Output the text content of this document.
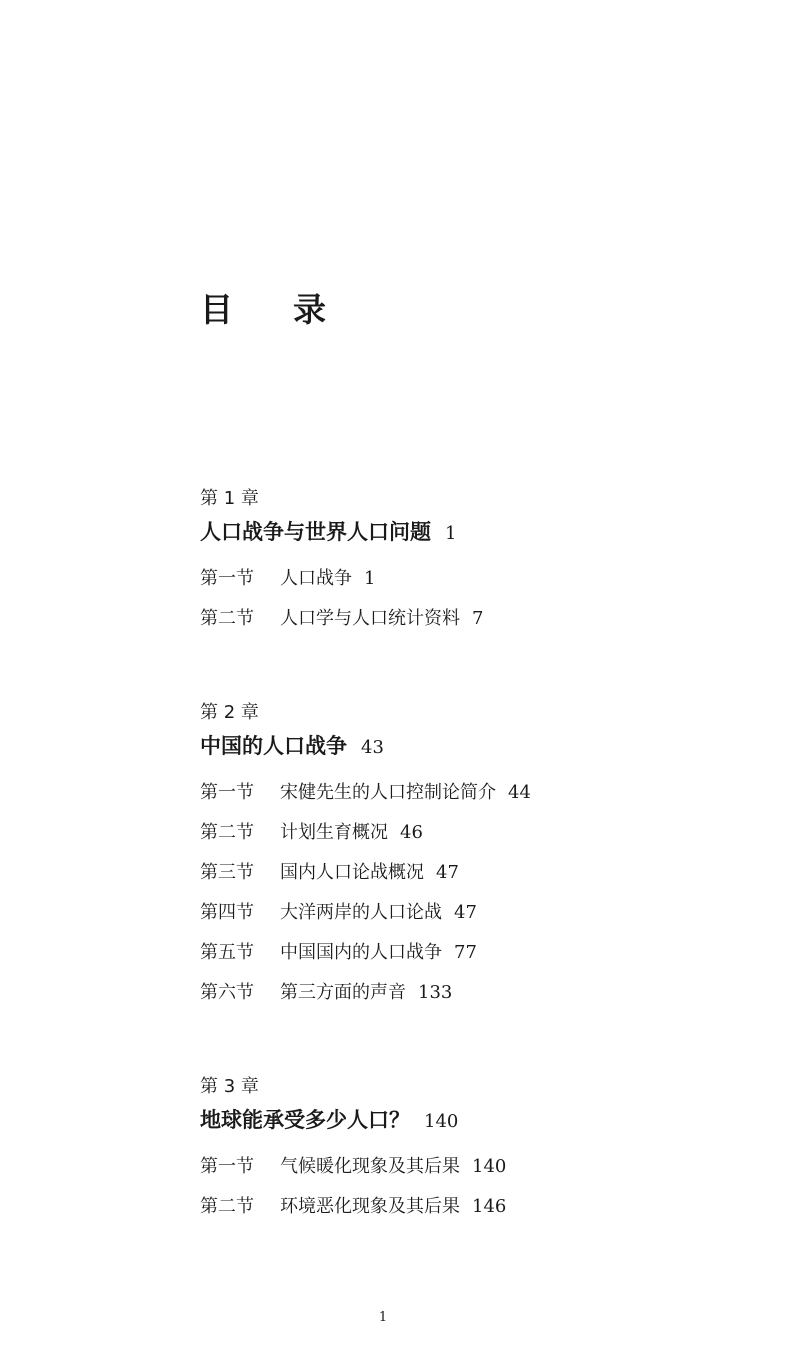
目 录
第 1 章
人口战争与世界人口问题 1
第一节 人口战争 1
第二节 人口学与人口统计资料 7
第 2 章
中国的人口战争 43
第一节 宋健先生的人口控制论简介 44
第二节 计划生育概况 46
第三节 国内人口论战概况 47
第四节 大洋两岸的人口论战 47
第五节 中国国内的人口战争 77
第六节 第三方面的声音 133
第 3 章
地球能承受多少人口？ 140
第一节 气候暖化现象及其后果 140
第二节 环境恶化现象及其后果 146
1
